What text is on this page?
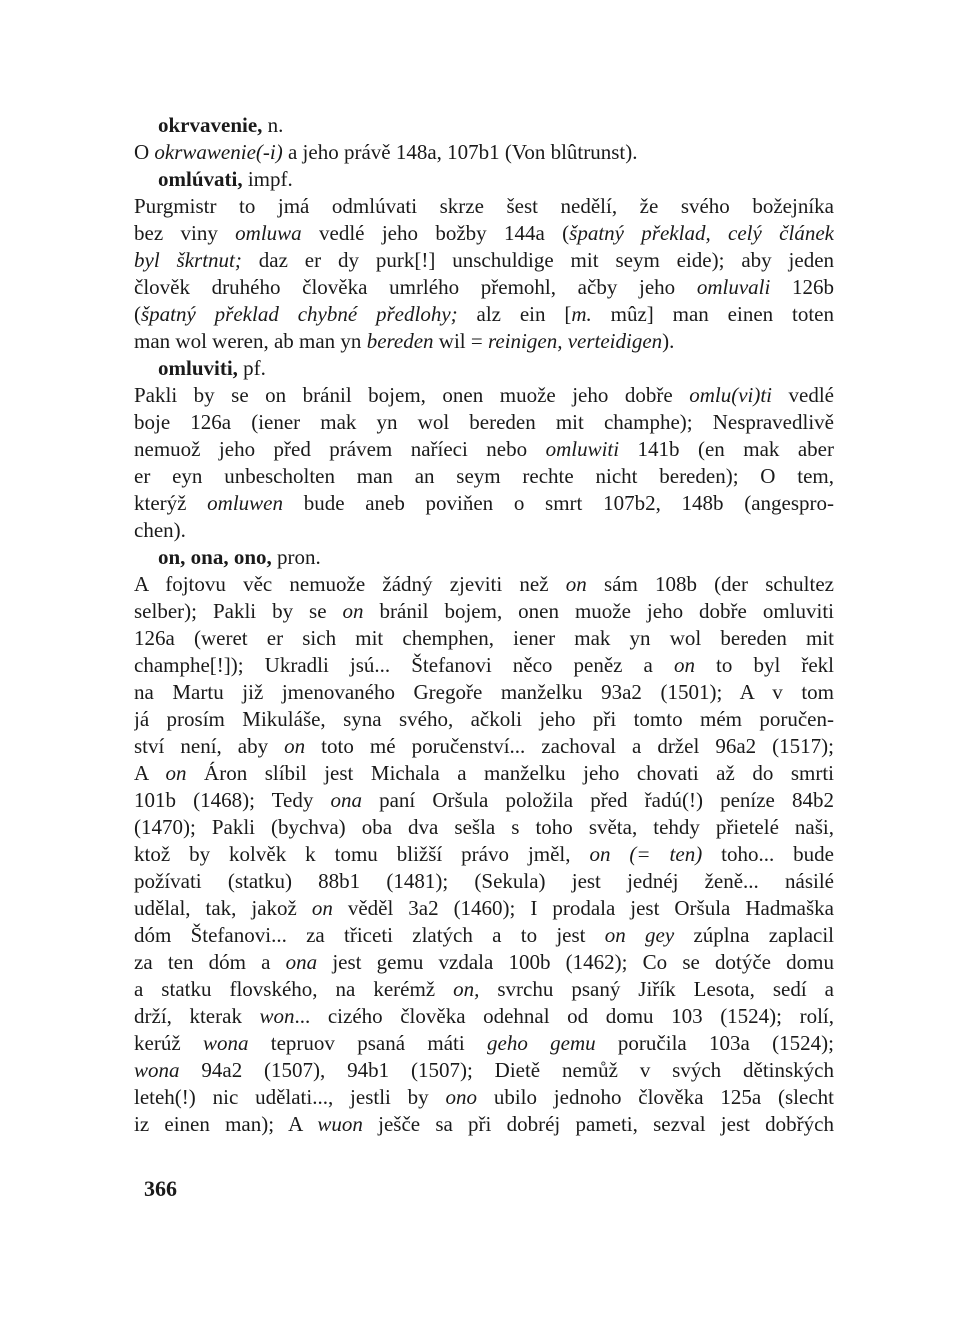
okrvavenie, n.
O okrwawenie(-i) a jeho právě 148a, 107b1 (Von blûtrunst).
omlúvati, impf.
Purgmistr to jmá odmlúvati skrze šest nedělí, že svého božejníka
bez viny omluwa vedlé jeho božby 144a (špatný překlad, celý článek
byl škrtnut; daz er dy purk[!] unschuldige mit seym eide); aby jeden
člověk druhého člověka umrlého přemohl, ačby jeho omluvali 126b
(špatný překlad chybné předlohy; alz ein [m. mûz] man einen toten
man wol weren, ab man yn bereden wil = reinigen, verteidigen).
omluviti, pf.
Pakli by se on bránil bojem, onen muože jeho dobře omlu(vi)ti vedlé
boje 126a (iener mak yn wol bereden mit champhe); Nespravedlivě
nemuož jeho před právem naříeci nebo omluwiti 141b (en mak aber
er eyn unbescholten man an seym rechte nicht bereden); O tem,
kterýž omluwen bude aneb poviňen o smrt 107b2, 148b (angespro-
chen).
on, ona, ono, pron.
A fojtovu věc nemuože žádný zjeviti než on sám 108b (der schultez
selber); Pakli by se on bránil bojem, onen muože jeho dobře omluviti
126a (weret er sich mit chemphen, iener mak yn wol bereden mit
champhe[!]); Ukradli jsú... Štefanovi něco peněz a on to byl řekl
na Martu již jmenovaného Gregoře manželku 93a2 (1501); A v tom
já prosím Mikuláše, syna svého, ačkoli jeho při tomto mém poručen-
ství není, aby on toto mé poručenství... zachoval a držel 96a2 (1517);
A on Áron slíbil jest Michala a manželku jeho chovati až do smrti
101b (1468); Tedy ona paní Oršula položila před řadú(!) peníze 84b2
(1470); Pakli (bychva) oba dva sešla s toho světa, tehdy přietelé naši,
ktož by kolvěk k tomu bližší právo jměl, on (= ten) toho... bude
požívati (statku) 88b1 (1481); (Sekula) jest jednéj ženě... násilé
udělal, tak, jakož on věděl 3a2 (1460); I prodala jest Oršula Hadmaška
dóm Štefanovi... za třiceti zlatých a to jest on gey zúplna zaplacil
za ten dóm a ona jest gemu vzdala 100b (1462); Co se dotýče domu
a statku flovského, na kerémž on, svrchu psaný Jiřík Lesota, sedí a
drží, kterak won... cizého člověka odehnal od domu 103 (1524); rolí,
kerúž wona tepruov psaná máti geho gemu poručila 103a (1524);
wona 94a2 (1507), 94b1 (1507); Dietě nemůž v svých dětinských
leteh(!) nic udělati..., jestli by ono ubilo jednoho člověka 125a (slecht
iz einen man); A wuon ješče sa při dobréj pameti, sezval jest dobřých
366
